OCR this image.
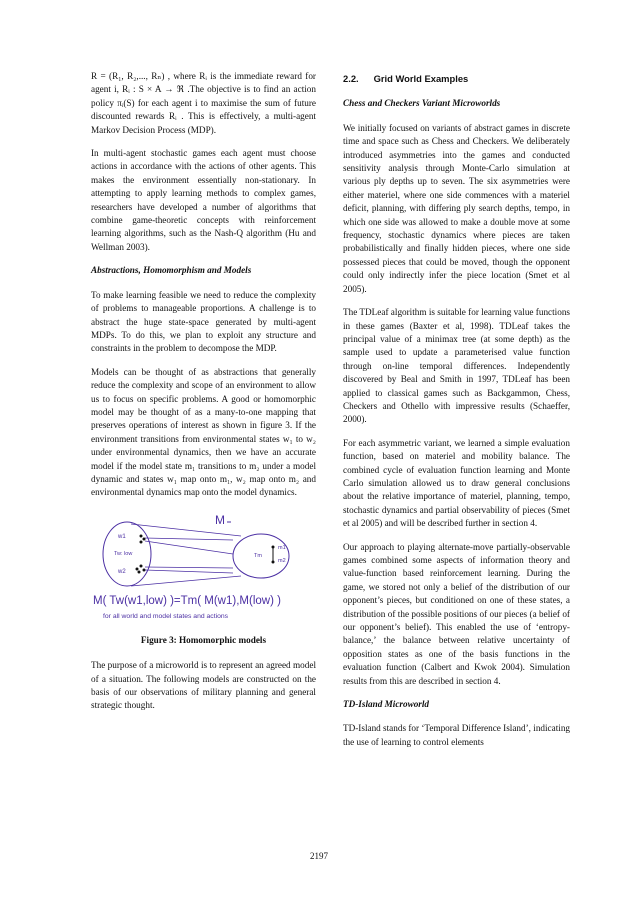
R = (R₁, R₂,..., Rₙ) , where Rᵢ is the immediate reward for agent i, Rᵢ : S × A → ℜ .The objective is to find an action policy πᵢ(S) for each agent i to maximise the sum of future discounted rewards Rᵢ . This is effectively, a multi-agent Markov Decision Process (MDP).

In multi-agent stochastic games each agent must choose actions in accordance with the actions of other agents. This makes the environment essentially non-stationary. In attempting to apply learning methods to complex games, researchers have developed a number of algorithms that combine game-theoretic concepts with reinforcement learning algorithms, such as the Nash-Q algorithm (Hu and Wellman 2003).

Abstractions, Homomorphism and Models

To make learning feasible we need to reduce the complexity of problems to manageable proportions. A challenge is to abstract the huge state-space generated by multi-agent MDPs. To do this, we plan to exploit any structure and constraints in the problem to decompose the MDP.

Models can be thought of as abstractions that generally reduce the complexity and scope of an environment to allow us to focus on specific problems. A good or homomorphic model may be thought of as a many-to-one mapping that preserves operations of interest as shown in figure 3. If the environment transitions from environmental states w₁ to w₂ under environmental dynamics, then we have an accurate model if the model state m₁ transitions to m₂ under a model dynamic and states w₁ map onto m₁, w₂ map onto m₂ and environmental dynamics map onto the model dynamics.

M
w1
w2
Tw: low
m1
m2
Tm
M( Tw(w1,low) )=Tm( M(w1),M(low) )
for all world and model states and actions
Figure 3: Homomorphic models

The purpose of a microworld is to represent an agreed model of a situation. The following models are constructed on the basis of our observations of military planning and general strategic thought.

2.2. Grid World Examples
Chess and Checkers Variant Microworlds

We initially focused on variants of abstract games in discrete time and space such as Chess and Checkers. We deliberately introduced asymmetries into the games and conducted sensitivity analysis through Monte-Carlo simulation at various ply depths up to seven. The six asymmetries were either materiel, where one side commences with a materiel deficit, planning, with differing ply search depths, tempo, in which one side was allowed to make a double move at some frequency, stochastic dynamics where pieces are taken probabilistically and finally hidden pieces, where one side possessed pieces that could be moved, though the opponent could only indirectly infer the piece location (Smet et al 2005).

The TDLeaf algorithm is suitable for learning value functions in these games (Baxter et al, 1998). TDLeaf takes the principal value of a minimax tree (at some depth) as the sample used to update a parameterised value function through on-line temporal differences. Independently discovered by Beal and Smith in 1997, TDLeaf has been applied to classical games such as Backgammon, Chess, Checkers and Othello with impressive results (Schaeffer, 2000).

For each asymmetric variant, we learned a simple evaluation function, based on materiel and mobility balance. The combined cycle of evaluation function learning and Monte Carlo simulation allowed us to draw general conclusions about the relative importance of materiel, planning, tempo, stochastic dynamics and partial observability of pieces (Smet et al 2005) and will be described further in section 4.

Our approach to playing alternate-move partially-observable games combined some aspects of information theory and value-function based reinforcement learning. During the game, we stored not only a belief of the distribution of our opponent’s pieces, but conditioned on one of these states, a distribution of the possible positions of our pieces (a belief of our opponent’s belief). This enabled the use of ‘entropy-balance,’ the balance between relative uncertainty of opposition states as one of the basis functions in the evaluation function (Calbert and Kwok 2004). Simulation results from this are described in section 4.

TD-Island Microworld

TD-Island stands for ‘Temporal Difference Island’, indicating the use of learning to control elements

2197
